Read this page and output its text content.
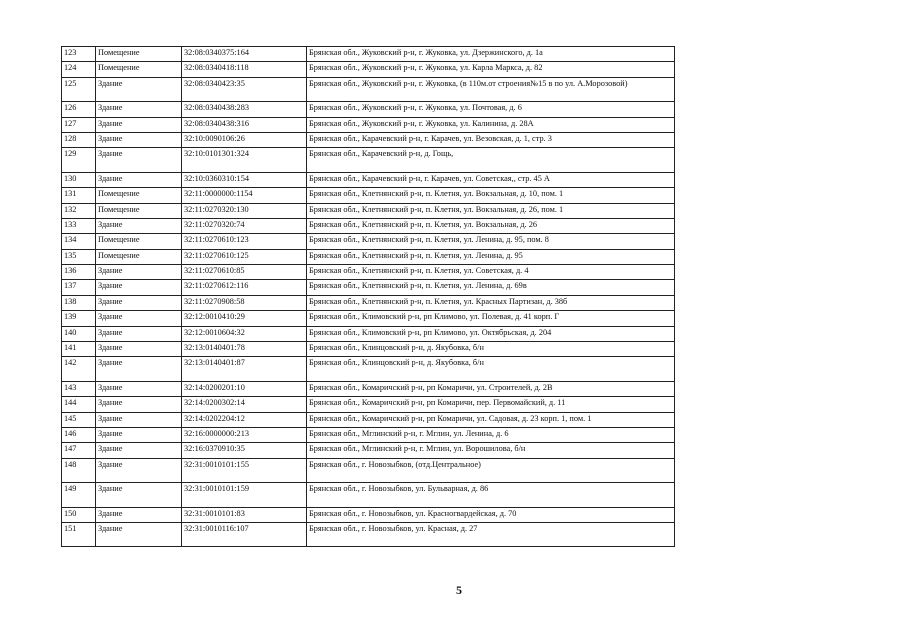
123	Помещение	32:08:0340375:164	Брянская обл., Жуковский р-н, г. Жуковка, ул. Дзержинского, д. 1а
124	Помещение	32:08:0340418:118	Брянская обл., Жуковский р-н, г. Жуковка, ул. Карла Маркса, д. 82
125	Здание	32:08:0340423:35	Брянская обл., Жуковский р-н, г. Жуковка, (в 110м.от строения№15 в по ул. А.Морозовой)
126	Здание	32:08:0340438:283	Брянская обл., Жуковский р-н, г. Жуковка, ул. Почтовая, д. 6
127	Здание	32:08:0340438:316	Брянская обл., Жуковский р-н, г. Жуковка, ул. Калинина, д. 28А
128	Здание	32:10:0090106:26	Брянская обл., Карачевский р-н, г. Карачев, ул. Везовская, д. 1, стр. 3
129	Здание	32:10:0101301:324	Брянская обл., Карачевский р-н, д. Гощь,
130	Здание	32:10:0360310:154	Брянская обл., Карачевский р-н, г. Карачев, ул. Советская,, стр. 45 А
131	Помещение	32:11:0000000:1154	Брянская обл., Клетнянский р-н, п. Клетня, ул. Вокзальная, д. 10, пом. 1
132	Помещение	32:11:0270320:130	Брянская обл., Клетнянский р-н, п. Клетня, ул. Вокзальная, д. 26, пом. 1
133	Здание	32:11:0270320:74	Брянская обл., Клетнянский р-н, п. Клетня, ул. Вокзальная, д. 26
134	Помещение	32:11:0270610:123	Брянская обл., Клетнянский р-н, п. Клетня, ул. Ленина, д. 95, пом. 8
135	Помещение	32:11:0270610:125	Брянская обл., Клетнянский р-н, п. Клетня, ул. Ленина, д. 95
136	Здание	32:11:0270610:85	Брянская обл., Клетнянский р-н, п. Клетня, ул. Советская, д. 4
137	Здание	32:11:0270612:116	Брянская обл., Клетнянский р-н, п. Клетня, ул. Ленина, д. 69в
138	Здание	32:11:0270908:58	Брянская обл., Клетнянский р-н, п. Клетня, ул. Красных Партизан, д. 38б
139	Здание	32:12:0010410:29	Брянская обл., Климовский р-н, рп Климово, ул. Полевая, д. 41 корп. Г
140	Здание	32:12:0010604:32	Брянская обл., Климовский р-н, рп Климово, ул. Октябрьская, д. 204
141	Здание	32:13:0140401:78	Брянская обл., Клинцовский р-н, д. Якубовка, б/н
142	Здание	32:13:0140401:87	Брянская обл., Клинцовский р-н, д. Якубовка, б/н
143	Здание	32:14:0200201:10	Брянская обл., Комаричский р-н, рп Комаричи, ул. Строителей, д. 2В
144	Здание	32:14:0200302:14	Брянская обл., Комаричский р-н, рп Комаричи, пер. Первомайский, д. 11
145	Здание	32:14:0202204:12	Брянская обл., Комаричский р-н, рп Комаричи, ул. Садовая, д. 23 корп. 1, пом. 1
146	Здание	32:16:0000000:213	Брянская обл., Мглинский р-н, г. Мглин, ул. Ленина, д. 6
147	Здание	32:16:0370910:35	Брянская обл., Мглинский р-н, г. Мглин, ул. Ворошилова, б/н
148	Здание	32:31:0010101:155	Брянская обл., г. Новозыбков, (отд.Центральное)
149	Здание	32:31:0010101:159	Брянская обл., г. Новозыбков, ул. Бульварная, д. 86
150	Здание	32:31:0010101:83	Брянская обл., г. Новозыбков, ул. Красногвардейская, д. 70
151	Здание	32:31:0010116:107	Брянская обл., г. Новозыбков, ул. Красная, д. 27
5
